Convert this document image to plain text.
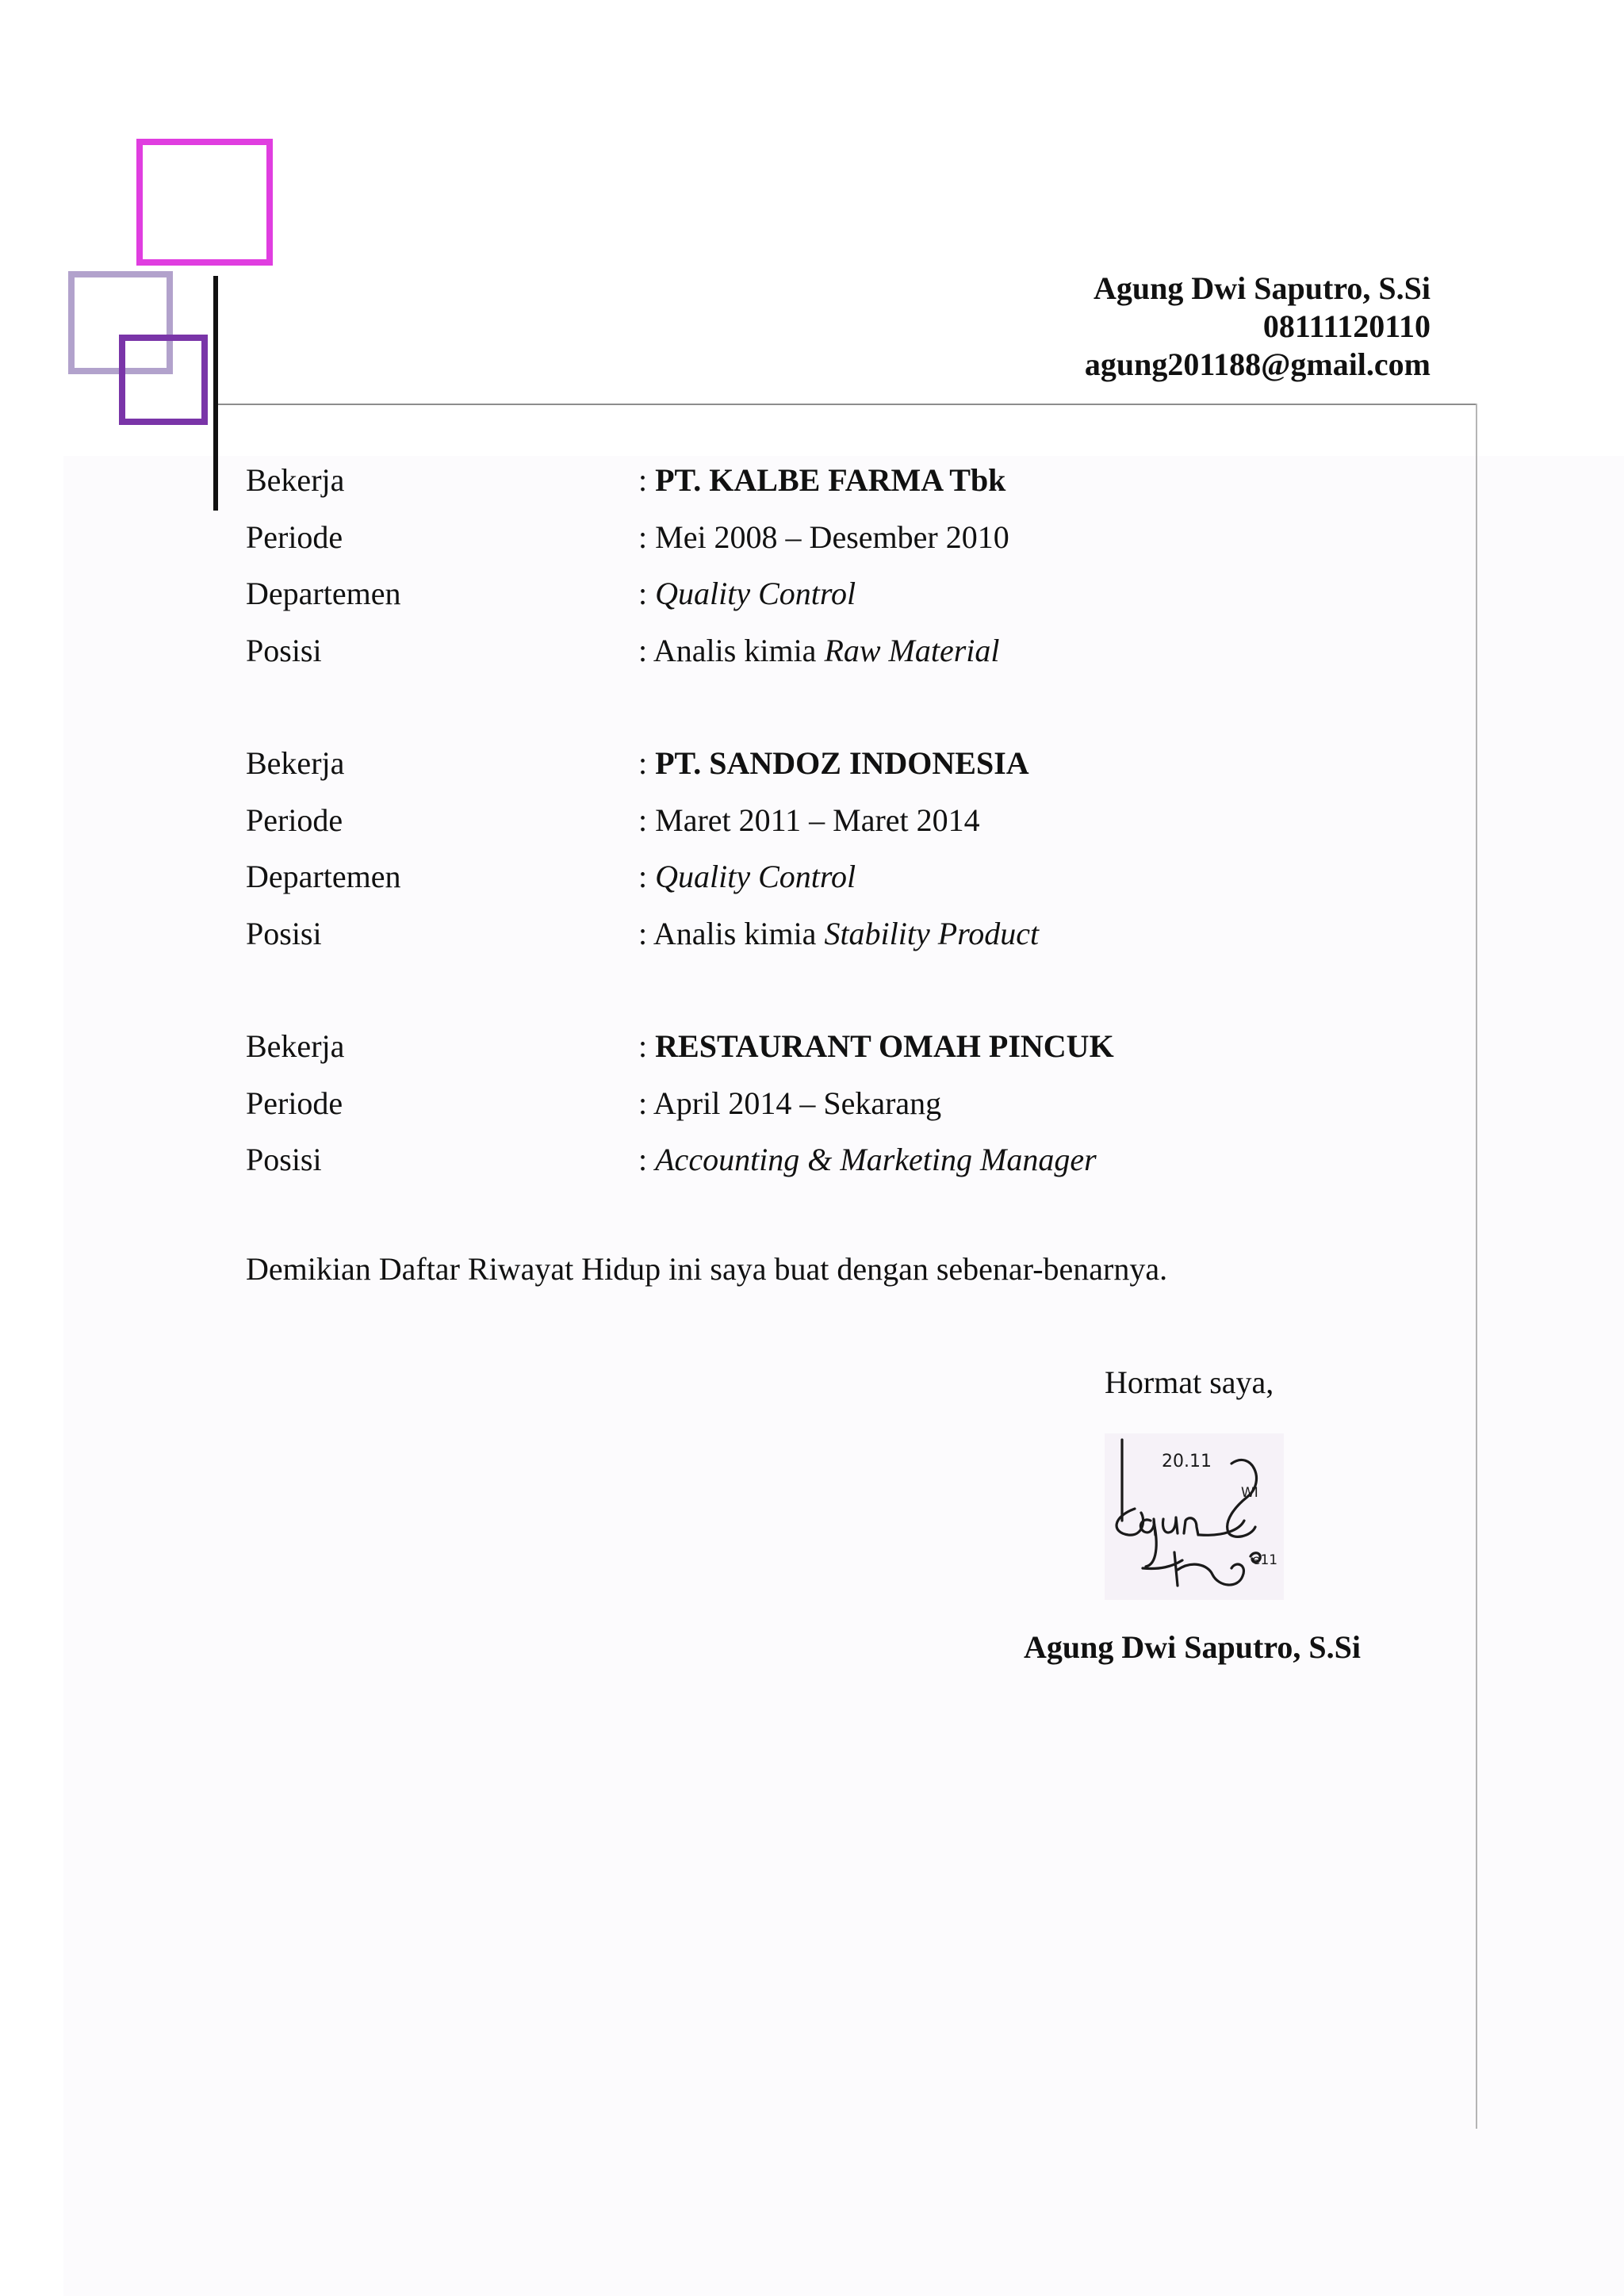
Agung Dwi Saputro, S.Si
08111120110
agung201188@gmail.com
Bekerja	: PT. KALBE FARMA Tbk
Periode	: Mei 2008 – Desember 2010
Departemen	: Quality Control
Posisi	: Analis kimia Raw Material
Bekerja	: PT. SANDOZ INDONESIA
Periode	: Maret 2011 – Maret 2014
Departemen	: Quality Control
Posisi	: Analis kimia Stability Product
Bekerja	: RESTAURANT OMAH PINCUK
Periode	: April 2014 – Sekarang
Posisi	: Accounting & Marketing Manager
Demikian Daftar Riwayat Hidup ini saya buat dengan sebenar-benarnya.
Hormat saya,
20.11
WI
e11
Agung Dwi Saputro, S.Si
